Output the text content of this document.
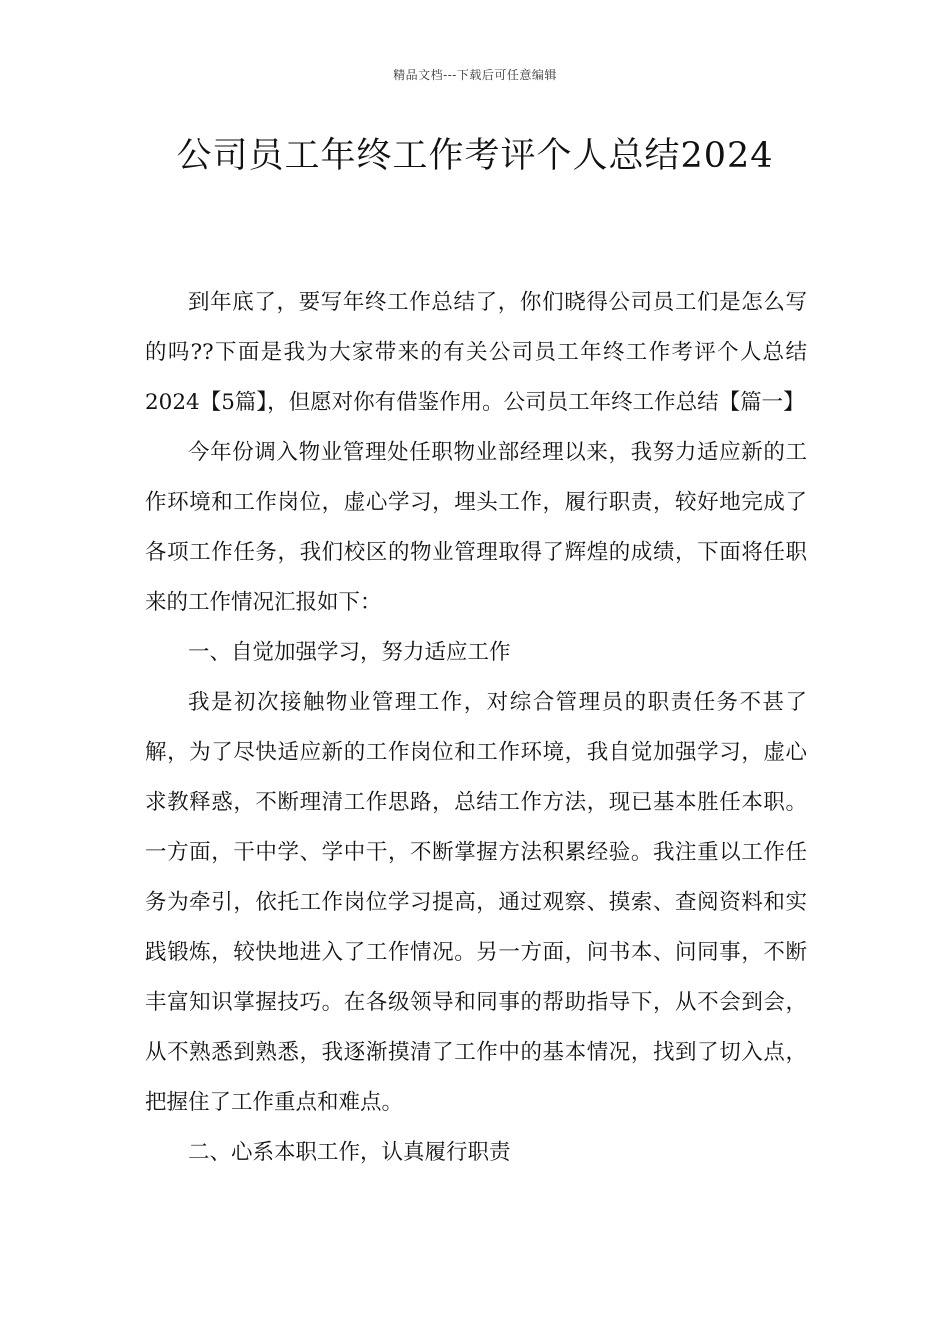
精品文档---下载后可任意编辑
公司员工年终工作考评个人总结2024

到年底了，要写年终工作总结了，你们晓得公司员工们是怎么写的吗??下面是我为大家带来的有关公司员工年终工作考评个人总结 2024【5篇】，但愿对你有借鉴作用。公司员工年终工作总结【篇一】

今年份调入物业管理处任职物业部经理以来，我努力适应新的工作环境和工作岗位，虚心学习，埋头工作，履行职责，较好地完成了各项工作任务，我们校区的物业管理取得了辉煌的成绩，下面将任职来的工作情况汇报如下：

一、自觉加强学习，努力适应工作

我是初次接触物业管理工作，对综合管理员的职责任务不甚了解，为了尽快适应新的工作岗位和工作环境，我自觉加强学习，虚心求教释惑，不断理清工作思路，总结工作方法，现已基本胜任本职。一方面，干中学、学中干，不断掌握方法积累经验。我注重以工作任务为牵引，依托工作岗位学习提高，通过观察、摸索、查阅资料和实践锻炼，较快地进入了工作情况。另一方面，问书本、问同事，不断丰富知识掌握技巧。在各级领导和同事的帮助指导下，从不会到会，从不熟悉到熟悉，我逐渐摸清了工作中的基本情况，找到了切入点，把握住了工作重点和难点。

二、心系本职工作，认真履行职责
